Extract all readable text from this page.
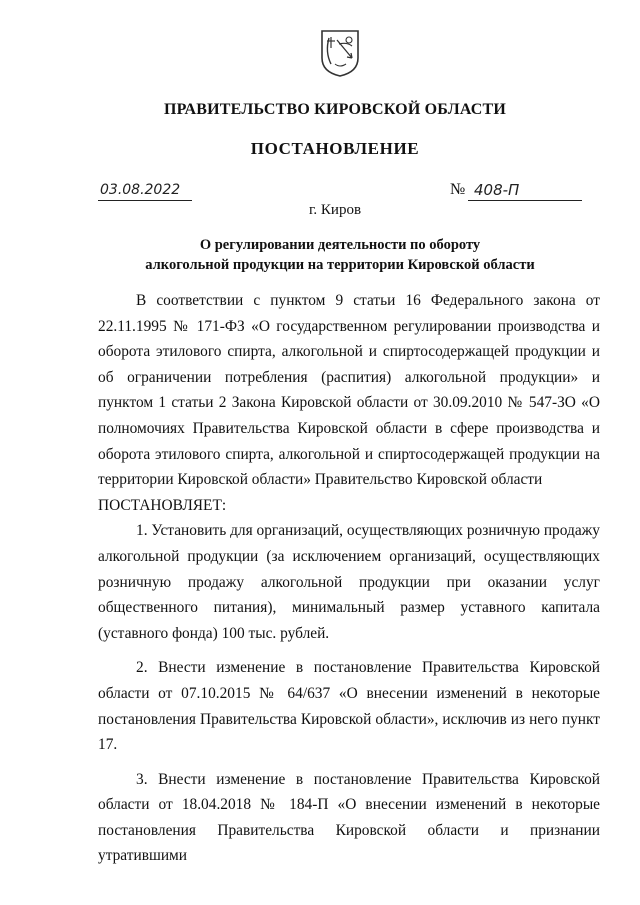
ПРАВИТЕЛЬСТВО КИРОВСКОЙ ОБЛАСТИ
ПОСТАНОВЛЕНИЕ
03.08.2022	№ 408-П
г. Киров
О регулировании деятельности по обороту
алкогольной продукции на территории Кировской области

В соответствии с пунктом 9 статьи 16 Федерального закона от 22.11.1995 № 171-ФЗ «О государственном регулировании производства и оборота этилового спирта, алкогольной и спиртосодержащей продукции и об ограничении потребления (распития) алкогольной продукции» и пунктом 1 статьи 2 Закона Кировской области от 30.09.2010 № 547-ЗО «О полномочиях Правительства Кировской области в сфере производства и оборота этилового спирта, алкогольной и спиртосодержащей продукции на территории Кировской области» Правительство Кировской области

ПОСТАНОВЛЯЕТ:

1. Установить для организаций, осуществляющих розничную продажу алкогольной продукции (за исключением организаций, осуществляющих розничную продажу алкогольной продукции при оказании услуг общественного питания), минимальный размер уставного капитала (уставного фонда) 100 тыс. рублей.

2. Внести изменение в постановление Правительства Кировской области от 07.10.2015 № 64/637 «О внесении изменений в некоторые постановления Правительства Кировской области», исключив из него пункт 17.

3. Внести изменение в постановление Правительства Кировской области от 18.04.2018 № 184-П «О внесении изменений в некоторые постановления Правительства Кировской области и признании утратившими
